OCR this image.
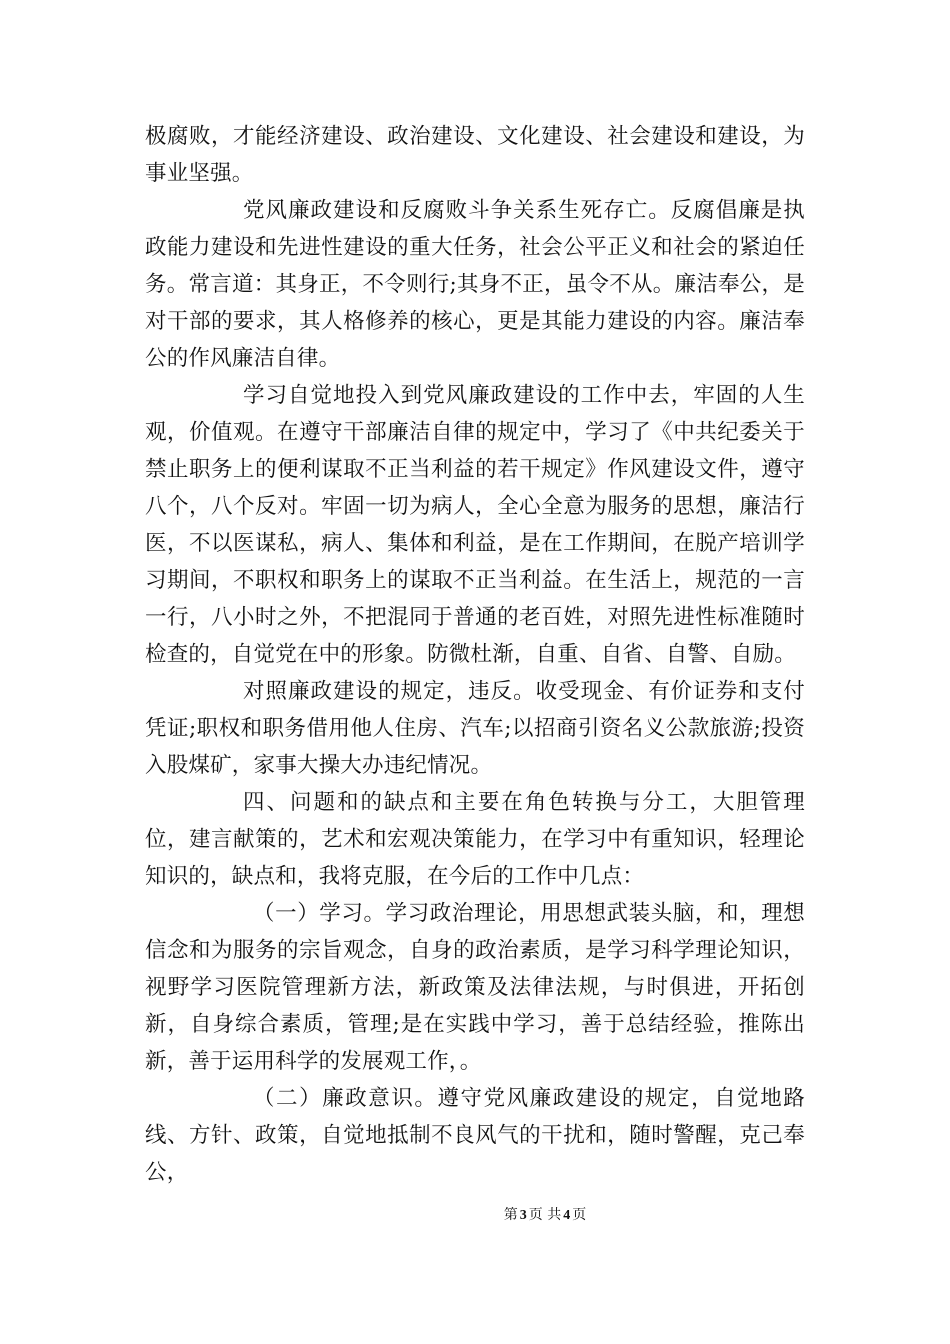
极腐败，才能经济建设、政治建设、文化建设、社会建设和建设，为事业坚强。

党风廉政建设和反腐败斗争关系生死存亡。反腐倡廉是执政能力建设和先进性建设的重大任务，社会公平正义和社会的紧迫任务。常言道：其身正，不令则行;其身不正，虽令不从。廉洁奉公，是对干部的要求，其人格修养的核心，更是其能力建设的内容。廉洁奉公的作风廉洁自律。

学习自觉地投入到党风廉政建设的工作中去，牢固的人生观，价值观。在遵守干部廉洁自律的规定中，学习了《中共纪委关于禁止职务上的便利谋取不正当利益的若干规定》作风建设文件，遵守八个，八个反对。牢固一切为病人，全心全意为服务的思想，廉洁行医，不以医谋私，病人、集体和利益，是在工作期间，在脱产培训学习期间，不职权和职务上的谋取不正当利益。在生活上，规范的一言一行，八小时之外，不把混同于普通的老百姓，对照先进性标准随时检查的，自觉党在中的形象。防微杜渐，自重、自省、自警、自励。

对照廉政建设的规定，违反。收受现金、有价证券和支付凭证;职权和职务借用他人住房、汽车;以招商引资名义公款旅游;投资入股煤矿，家事大操大办违纪情况。

四、问题和的缺点和主要在角色转换与分工，大胆管理位，建言献策的，艺术和宏观决策能力，在学习中有重知识，轻理论知识的，缺点和，我将克服，在今后的工作中几点：

（一）学习。学习政治理论，用思想武装头脑，和，理想信念和为服务的宗旨观念，自身的政治素质，是学习科学理论知识，视野学习医院管理新方法，新政策及法律法规，与时俱进，开拓创新，自身综合素质，管理;是在实践中学习，善于总结经验，推陈出新，善于运用科学的发展观工作，。

（二）廉政意识。遵守党风廉政建设的规定，自觉地路线、方针、政策，自觉地抵制不良风气的干扰和，随时警醒，克己奉公，

第 3 页 共 4 页
